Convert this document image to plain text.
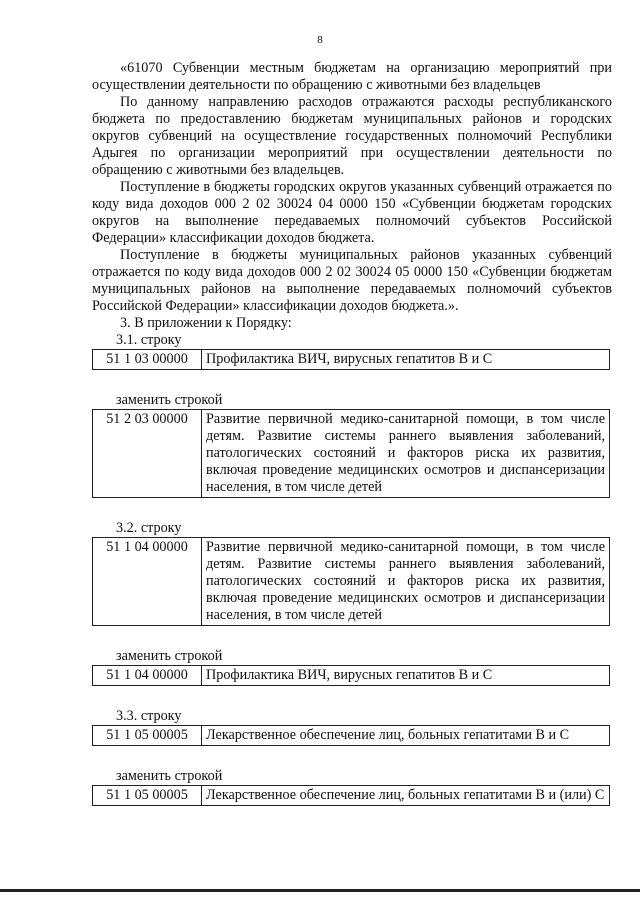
8

«61070 Субвенции местным бюджетам на организацию мероприятий при осуществлении деятельности по обращению с животными без владельцев

По данному направлению расходов отражаются расходы республиканского бюджета по предоставлению бюджетам муниципальных районов и городских округов субвенций на осуществление государственных полномочий Республики Адыгея по организации мероприятий при осуществлении деятельности по обращению с животными без владельцев.

Поступление в бюджеты городских округов указанных субвенций отражается по коду вида доходов 000 2 02 30024 04 0000 150 «Субвенции бюджетам городских округов на выполнение передаваемых полномочий субъектов Российской Федерации» классификации доходов бюджета.

Поступление в бюджеты муниципальных районов указанных субвенций отражается по коду вида доходов 000 2 02 30024 05 0000 150 «Субвенции бюджетам муниципальных районов на выполнение передаваемых полномочий субъектов Российской Федерации» классификации доходов бюджета.».

3. В приложении к Порядку:

3.1. строку

51 1 03 00000	Профилактика ВИЧ, вирусных гепатитов В и С

заменить строкой

51 2 03 00000	Развитие первичной медико-санитарной помощи, в том числе детям. Развитие системы раннего выявления заболеваний, патологических состояний и факторов риска их развития, включая проведение медицинских осмотров и диспансеризации населения, в том числе детей

3.2. строку

51 1 04 00000	Развитие первичной медико-санитарной помощи, в том числе детям. Развитие системы раннего выявления заболеваний, патологических состояний и факторов риска их развития, включая проведение медицинских осмотров и диспансеризации населения, в том числе детей

заменить строкой

51 1 04 00000	Профилактика ВИЧ, вирусных гепатитов В и С

3.3. строку

51 1 05 00005	Лекарственное обеспечение лиц, больных гепатитами В и С

заменить строкой

51 1 05 00005	Лекарственное обеспечение лиц, больных гепатитами В и (или) С
